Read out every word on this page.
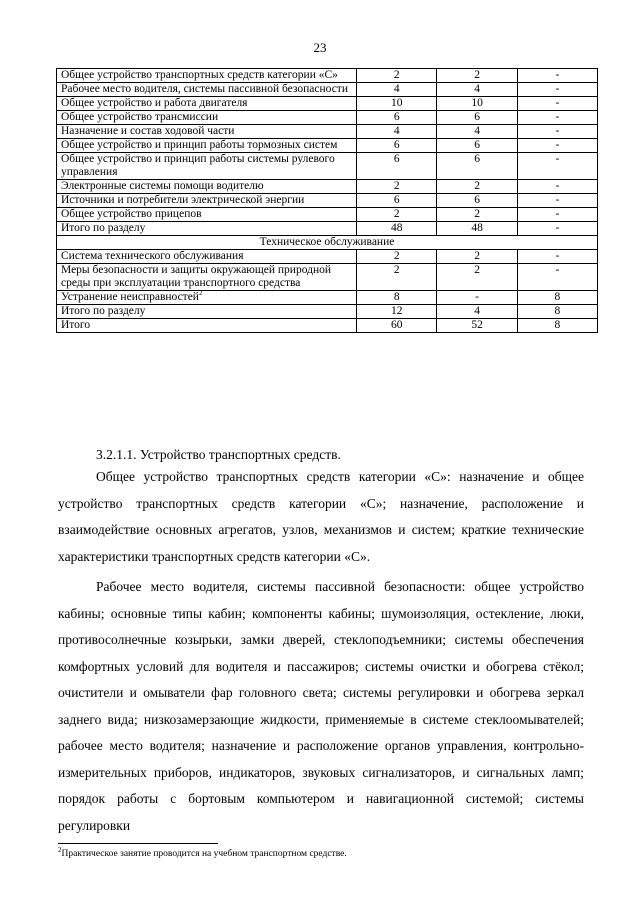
23
Общее устройство транспортных средств категории «С»	2	2	-
Рабочее место водителя, системы пассивной безопасности	4	4	-
Общее устройство и работа двигателя	10	10	-
Общее устройство трансмиссии	6	6	-
Назначение и состав ходовой части	4	4	-
Общее устройство и принцип работы тормозных систем	6	6	-
Общее устройство и принцип работы системы рулевого управления	6	6	-
Электронные системы помощи водителю	2	2	-
Источники и потребители электрической энергии	6	6	-
Общее устройство прицепов	2	2	-
Итого по разделу	48	48	-
Техническое обслуживание			
Система технического обслуживания	2	2	-
Меры безопасности и защиты окружающей природной среды при эксплуатации транспортного средства	2	2	-
Устранение неисправностей$^2$	8	-	8
Итого по разделу	12	4	8
Итого	60	52	8
3.2.1.1. Устройство транспортных средств.

Общее устройство транспортных средств категории «С»: назначение и общее устройство транспортных средств категории «С»; назначение, расположение и взаимодействие основных агрегатов, узлов, механизмов и систем; краткие технические характеристики транспортных средств категории «С».

Рабочее место водителя, системы пассивной безопасности: общее устройство кабины; основные типы кабин; компоненты кабины; шумоизоляция, остекление, люки, противосолнечные козырьки, замки дверей, стеклоподъемники; системы обеспечения комфортных условий для водителя и пассажиров; системы очистки и обогрева стёкол; очистители и омыватели фар головного света; системы регулировки и обогрева зеркал заднего вида; низкозамерзающие жидкости, применяемые в системе стеклоомывателей; рабочее место водителя; назначение и расположение органов управления, контрольно-измерительных приборов, индикаторов, звуковых сигнализаторов, и сигнальных ламп; порядок работы с бортовым компьютером и навигационной системой; системы регулировки

$^2$Практическое занятие проводится на учебном транспортном средстве.
